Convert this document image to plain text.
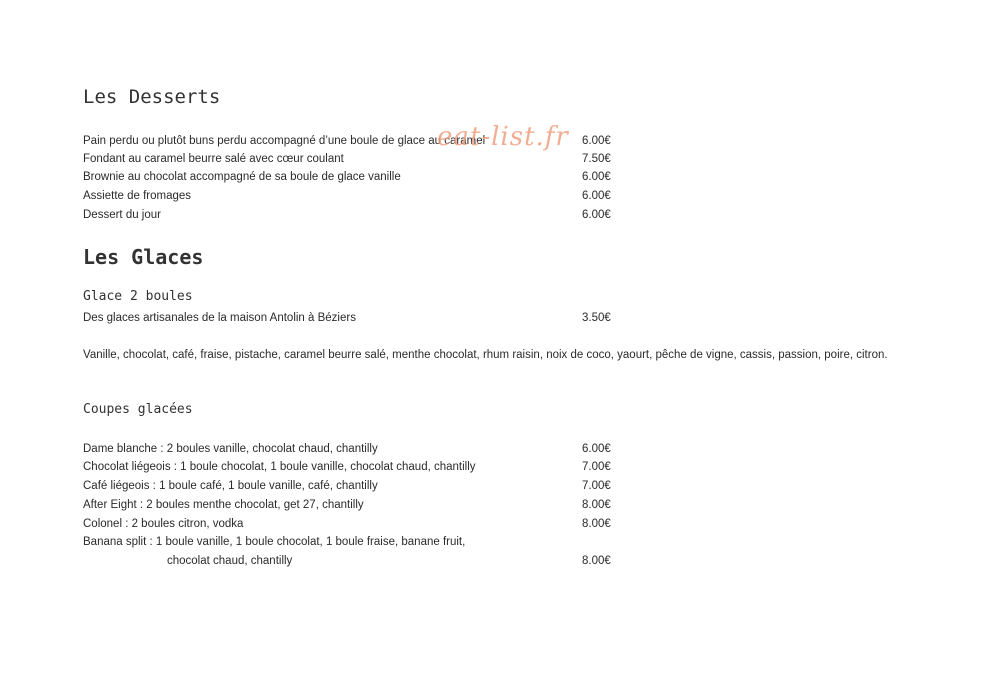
Les Desserts
Pain perdu ou plutôt buns perdu accompagné d’une boule de glace au caramel	6.00€
Fondant au caramel beurre salé avec cœur coulant	7.50€
Brownie au chocolat accompagné de sa boule de glace vanille	6.00€
Assiette de fromages	6.00€
Dessert du jour	6.00€
eat-list.fr
Les Glaces
Glace 2 boules
Des glaces artisanales de la maison Antolin à Béziers	3.50€
Vanille, chocolat, café, fraise, pistache, caramel beurre salé, menthe chocolat, rhum raisin, noix de coco, yaourt, pêche de vigne, cassis, passion, poire, citron.
Coupes glacées
Dame blanche : 2 boules vanille, chocolat chaud, chantilly	6.00€
Chocolat liégeois : 1 boule chocolat, 1 boule vanille, chocolat chaud, chantilly	7.00€
Café liégeois : 1 boule café, 1 boule vanille, café, chantilly	7.00€
After Eight : 2 boules menthe chocolat, get 27, chantilly	8.00€
Colonel : 2 boules citron, vodka	8.00€
Banana split : 1 boule vanille, 1 boule chocolat, 1 boule fraise, banane fruit,
chocolat chaud, chantilly	8.00€
